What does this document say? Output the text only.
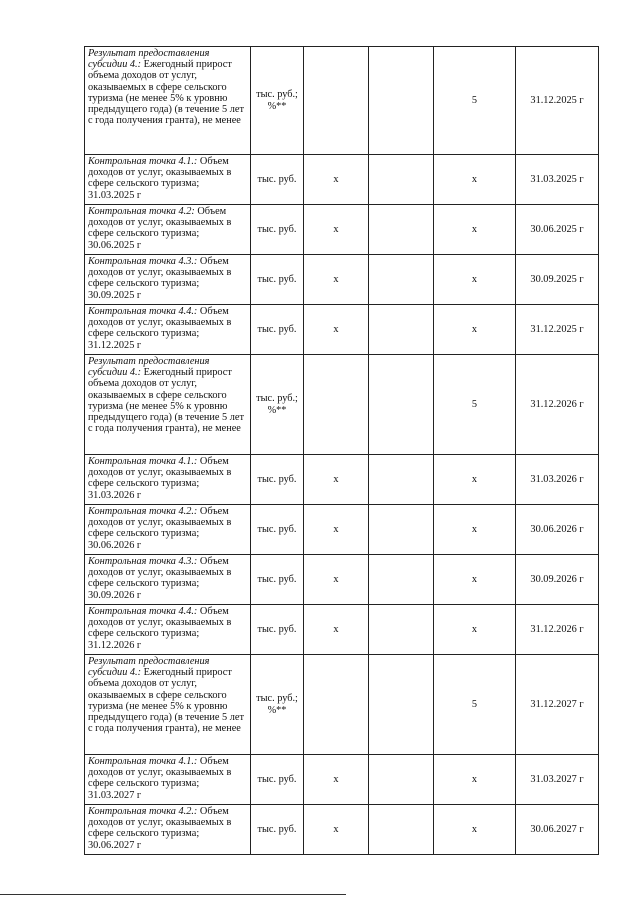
Результат предоставления субсидии 4.: Ежегодный прирост объема доходов от услуг, оказываемых в сфере сельского туризма (не менее 5% к уровню предыдущего года) (в течение 5 лет с года получения гранта), не менее	тыс. руб.; %**			5	31.12.2025 г
Контрольная точка 4.1.: Объем доходов от услуг, оказываемых в сфере сельского туризма; 31.03.2025 г	тыс. руб.	х		х	31.03.2025 г
Контрольная точка 4.2: Объем доходов от услуг, оказываемых в сфере сельского туризма; 30.06.2025 г	тыс. руб.	х		х	30.06.2025 г
Контрольная точка 4.3.: Объем доходов от услуг, оказываемых в сфере сельского туризма; 30.09.2025 г	тыс. руб.	х		х	30.09.2025 г
Контрольная точка 4.4.: Объем доходов от услуг, оказываемых в сфере сельского туризма; 31.12.2025 г	тыс. руб.	х		х	31.12.2025 г
Результат предоставления субсидии 4.: Ежегодный прирост объема доходов от услуг, оказываемых в сфере сельского туризма (не менее 5% к уровню предыдущего года) (в течение 5 лет с года получения гранта), не менее	тыс. руб.; %**			5	31.12.2026 г
Контрольная точка 4.1.: Объем доходов от услуг, оказываемых в сфере сельского туризма; 31.03.2026 г	тыс. руб.	х		х	31.03.2026 г
Контрольная точка 4.2.: Объем доходов от услуг, оказываемых в сфере сельского туризма; 30.06.2026 г	тыс. руб.	х		х	30.06.2026 г
Контрольная точка 4.3.: Объем доходов от услуг, оказываемых в сфере сельского туризма; 30.09.2026 г	тыс. руб.	х		х	30.09.2026 г
Контрольная точка 4.4.: Объем доходов от услуг, оказываемых в сфере сельского туризма; 31.12.2026 г	тыс. руб.	х		х	31.12.2026 г
Результат предоставления субсидии 4.: Ежегодный прирост объема доходов от услуг, оказываемых в сфере сельского туризма (не менее 5% к уровню предыдущего года) (в течение 5 лет с года получения гранта), не менее	тыс. руб.; %**			5	31.12.2027 г
Контрольная точка 4.1.: Объем доходов от услуг, оказываемых в сфере сельского туризма; 31.03.2027 г	тыс. руб.	х		х	31.03.2027 г
Контрольная точка 4.2.: Объем доходов от услуг, оказываемых в сфере сельского туризма; 30.06.2027 г	тыс. руб.	х		х	30.06.2027 г
